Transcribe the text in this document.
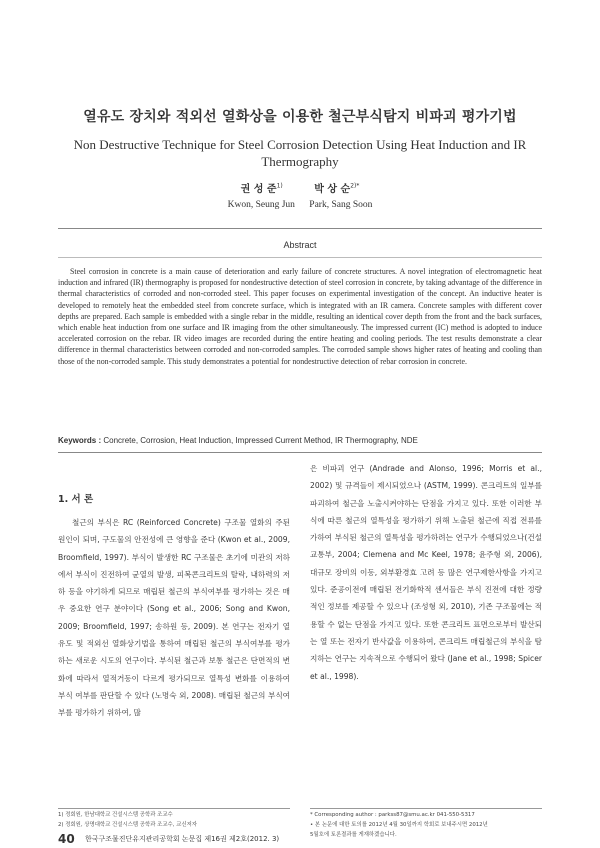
열유도 장치와 적외선 열화상을 이용한 철근부식탐지 비파괴 평가기법
Non Destructive Technique for Steel Corrosion Detection Using Heat Induction and IR Thermography
권 성 준$^{1)}$	박 상 순$^{2)*}$
Kwon, Seung Jun Park, Sang Soon
Abstract

Steel corrosion in concrete is a main cause of deterioration and early failure of concrete structures. A novel integration of electromagnetic heat induction and infrared (IR) thermography is proposed for nondestructive detection of steel corrosion in concrete, by taking advantage of the difference in thermal characteristics of corroded and non-corroded steel. This paper focuses on experimental investigation of the concept. An inductive heater is developed to remotely heat the embedded steel from concrete surface, which is integrated with an IR camera. Concrete samples with different cover depths are prepared. Each sample is embedded with a single rebar in the middle, resulting an identical cover depth from the front and the back surfaces, which enable heat induction from one surface and IR imaging from the other simultaneously. The impressed current (IC) method is adopted to induce accelerated corrosion on the rebar. IR video images are recorded during the entire heating and cooling periods. The test results demonstrate a clear difference in thermal characteristics between corroded and non-corroded samples. The corroded sample shows higher rates of heating and cooling than those of the non-corroded sample. This study demonstrates a potential for nondestructive detection of rebar corrosion in concrete.

Keywords : Concrete, Corrosion, Heat Induction, Impressed Current Method, IR Thermography, NDE
1. 서 론

철근의 부식은 RC (Reinforced Concrete) 구조물 열화의 주된 원인이 되며, 구도물의 안전성에 큰 영향을 준다 (Kwon et al., 2009, Broomfield, 1997). 부식이 발생한 RC 구조물은 초기에 미관의 저하에서 부식이 진전하여 균열의 발생, 피복콘크리트의 탈락, 내하력의 저하 등을 야기하게 되므로 매립된 철근의 부식여부를 평가하는 것은 매우 중요한 연구 분야이다 (Song et al., 2006; Song and Kwon, 2009; Broomfield, 1997; 송하원 등, 2009). 본 연구는 전자기 열 유도 및 적외선 열화상기법을 통하여 매립된 철근의 부식여부를 평가하는 새로운 시도의 연구이다. 부식된 철근과 보통 철근은 단면적의 변화에 따라서 열적거동이 다르게 평가되므로 열특성 변화를 이용하여 부식 여부를 판단할 수 있다 (노명숙 외, 2008). 매립된 철근의 부식여부를 평가하기 위하여, 많

은 비파괴 연구 (Andrade and Alonso, 1996; Morris et al., 2002) 및 규격들이 제시되었으나 (ASTM, 1999). 콘크리트의 일부를 파괴하여 철근을 노출시켜야하는 단점을 가지고 있다. 또한 이러한 부식에 따른 철근의 열특성을 평가하기 위해 노출된 철근에 직접 전류를 가하여 부식된 철근의 열특성을 평가하려는 연구가 수행되었으나(건설교통부, 2004; Clemena and Mc Keel, 1978; 윤주형 외, 2006), 대규모 장비의 이동, 외부환경효 고려 등 많은 연구제한사항을 가지고 있다. 준공이전에 매립된 전기화학적 센서들은 부식 진전에 대한 정량적인 정보를 제공할 수 있으나 (조성형 외, 2010), 기존 구조물에는 적용할 수 없는 단점을 가지고 있다. 또한 콘크리트 표면으로부터 발산되는 열 또는 전자기 반사값을 이용하여, 콘크리트 매립철근의 부식을 탐지하는 연구는 지속적으로 수행되어 왔다 (Jane et al., 1998; Spicer et al., 1998).

1) 정회원, 한남대학교 건설시스템 공학과 조교수
2) 정회원, 상명대학교 건설시스템 공학과 조교수, 교신저자
* Corresponding author : parkss87@smu.ac.kr 041-550-5317
• 본 논문에 대한 토의를 2012년 4월 30일까지 학회로 보내주시면 2012년
5월호에 토론결과를 게재하겠습니다.
40 한국구조물진단유지관리공학회 논문집 제16권 제2호(2012. 3)
